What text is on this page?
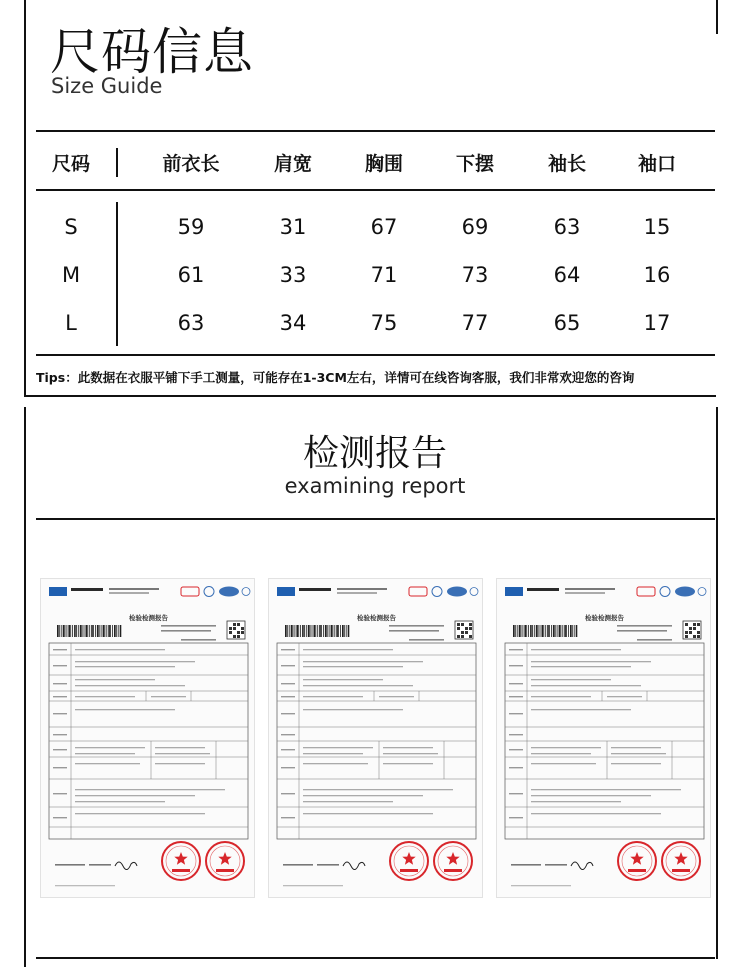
尺码信息
Size Guide
尺码	前衣长	肩宽	胸围	下摆	袖长	袖口
S	59	31	67	69	63	15
M	61	33	71	73	64	16
L	63	34	75	77	65	17
Tips：此数据在衣服平铺下手工测量，可能存在1-3CM左右，详情可在线咨询客服，我们非常欢迎您的咨询
检测报告
examining report
检验检测报告	检验检测报告	检验检测报告
